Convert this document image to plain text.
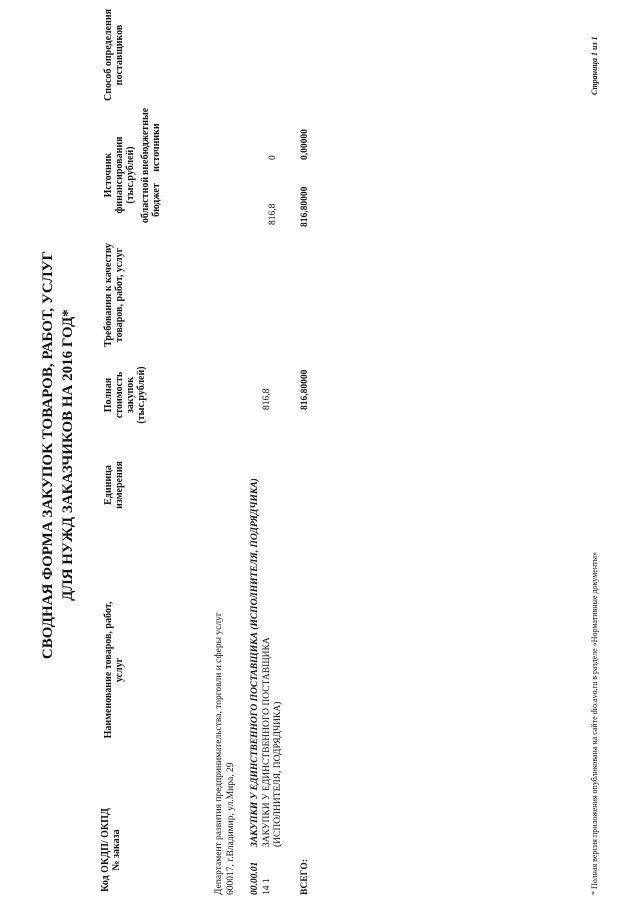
СВОДНАЯ ФОРМА ЗАКУПОК ТОВАРОВ, РАБОТ, УСЛУГ ДЛЯ НУЖД ЗАКАЗЧИКОВ НА 2016 ГОД*
Код ОКДП/ ОКПД № заказа
Наименование товаров, работ, услуг
Единица измерения
Полная стоимость закупок (тыс.рублей)
Требования к качеству товаров, работ, услуг
Источник финансирования (тыс.рублей) областной бюджет
внебюджетные источники
Способ определения поставщиков
Департамент развития предпринимательства, торговли и сферы услуг 600017, г.Владимир, ул.Мира, 29 00.00.01
ЗАКУПКИ У ЕДИНСТВЕННОГО ПОСТАВЩИКА (ИСПОЛНИТЕЛЯ, ПОДРЯДЧИКА)
14 1
ЗАКУПКИ У ЕДИНСТВЕННОГО ПОСТАВЩИКА (ИСПОЛНИТЕЛЯ, ПОДРЯДЧИКА)
816,8
816,8
0
ВСЕГО:
816,80000
816,80000
0,00000
* Полная версия приложения опубликована на сайте dio.avo.ru в разделе «Нормативные документы»
Страница 1 из 1
